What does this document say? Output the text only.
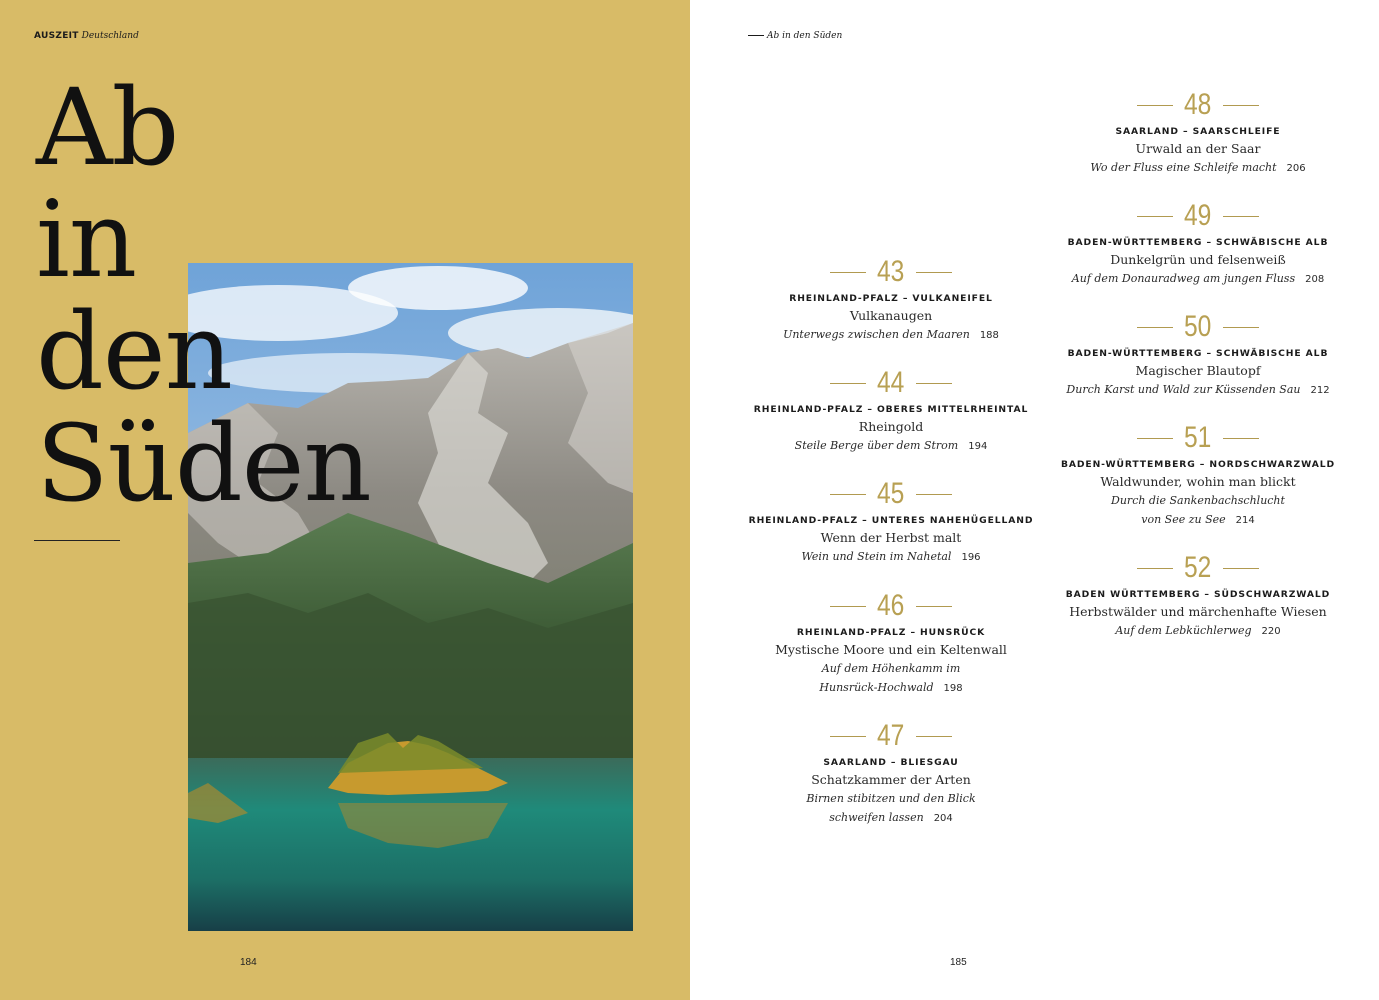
AUSZEIT Deutschland
Ab
in
den
Süden
184
Ab in den Süden
43
RHEINLAND-PFALZ – VULKANEIFEL
Vulkanaugen
Unterwegs zwischen den Maaren 188
44
RHEINLAND-PFALZ – OBERES MITTELRHEINTAL
Rheingold
Steile Berge über dem Strom 194
45
RHEINLAND-PFALZ – UNTERES NAHEHÜGELLAND
Wenn der Herbst malt
Wein und Stein im Nahetal 196
46
RHEINLAND-PFALZ – HUNSRÜCK
Mystische Moore und ein Keltenwall
Auf dem Höhenkamm im
Hunsrück-Hochwald 198
47
SAARLAND – BLIESGAU
Schatzkammer der Arten
Birnen stibitzen und den Blick
schweifen lassen 204
48
SAARLAND – SAARSCHLEIFE
Urwald an der Saar
Wo der Fluss eine Schleife macht 206
49
BADEN-WÜRTTEMBERG – SCHWÄBISCHE ALB
Dunkelgrün und felsenweiß
Auf dem Donauradweg am jungen Fluss 208
50
BADEN-WÜRTTEMBERG – SCHWÄBISCHE ALB
Magischer Blautopf
Durch Karst und Wald zur Küssenden Sau 212
51
BADEN-WÜRTTEMBERG – NORDSCHWARZWALD
Waldwunder, wohin man blickt
Durch die Sankenbachschlucht
von See zu See 214
52
BADEN WÜRTTEMBERG – SÜDSCHWARZWALD
Herbstwälder und märchenhafte Wiesen
Auf dem Lebküchlerweg 220
185
